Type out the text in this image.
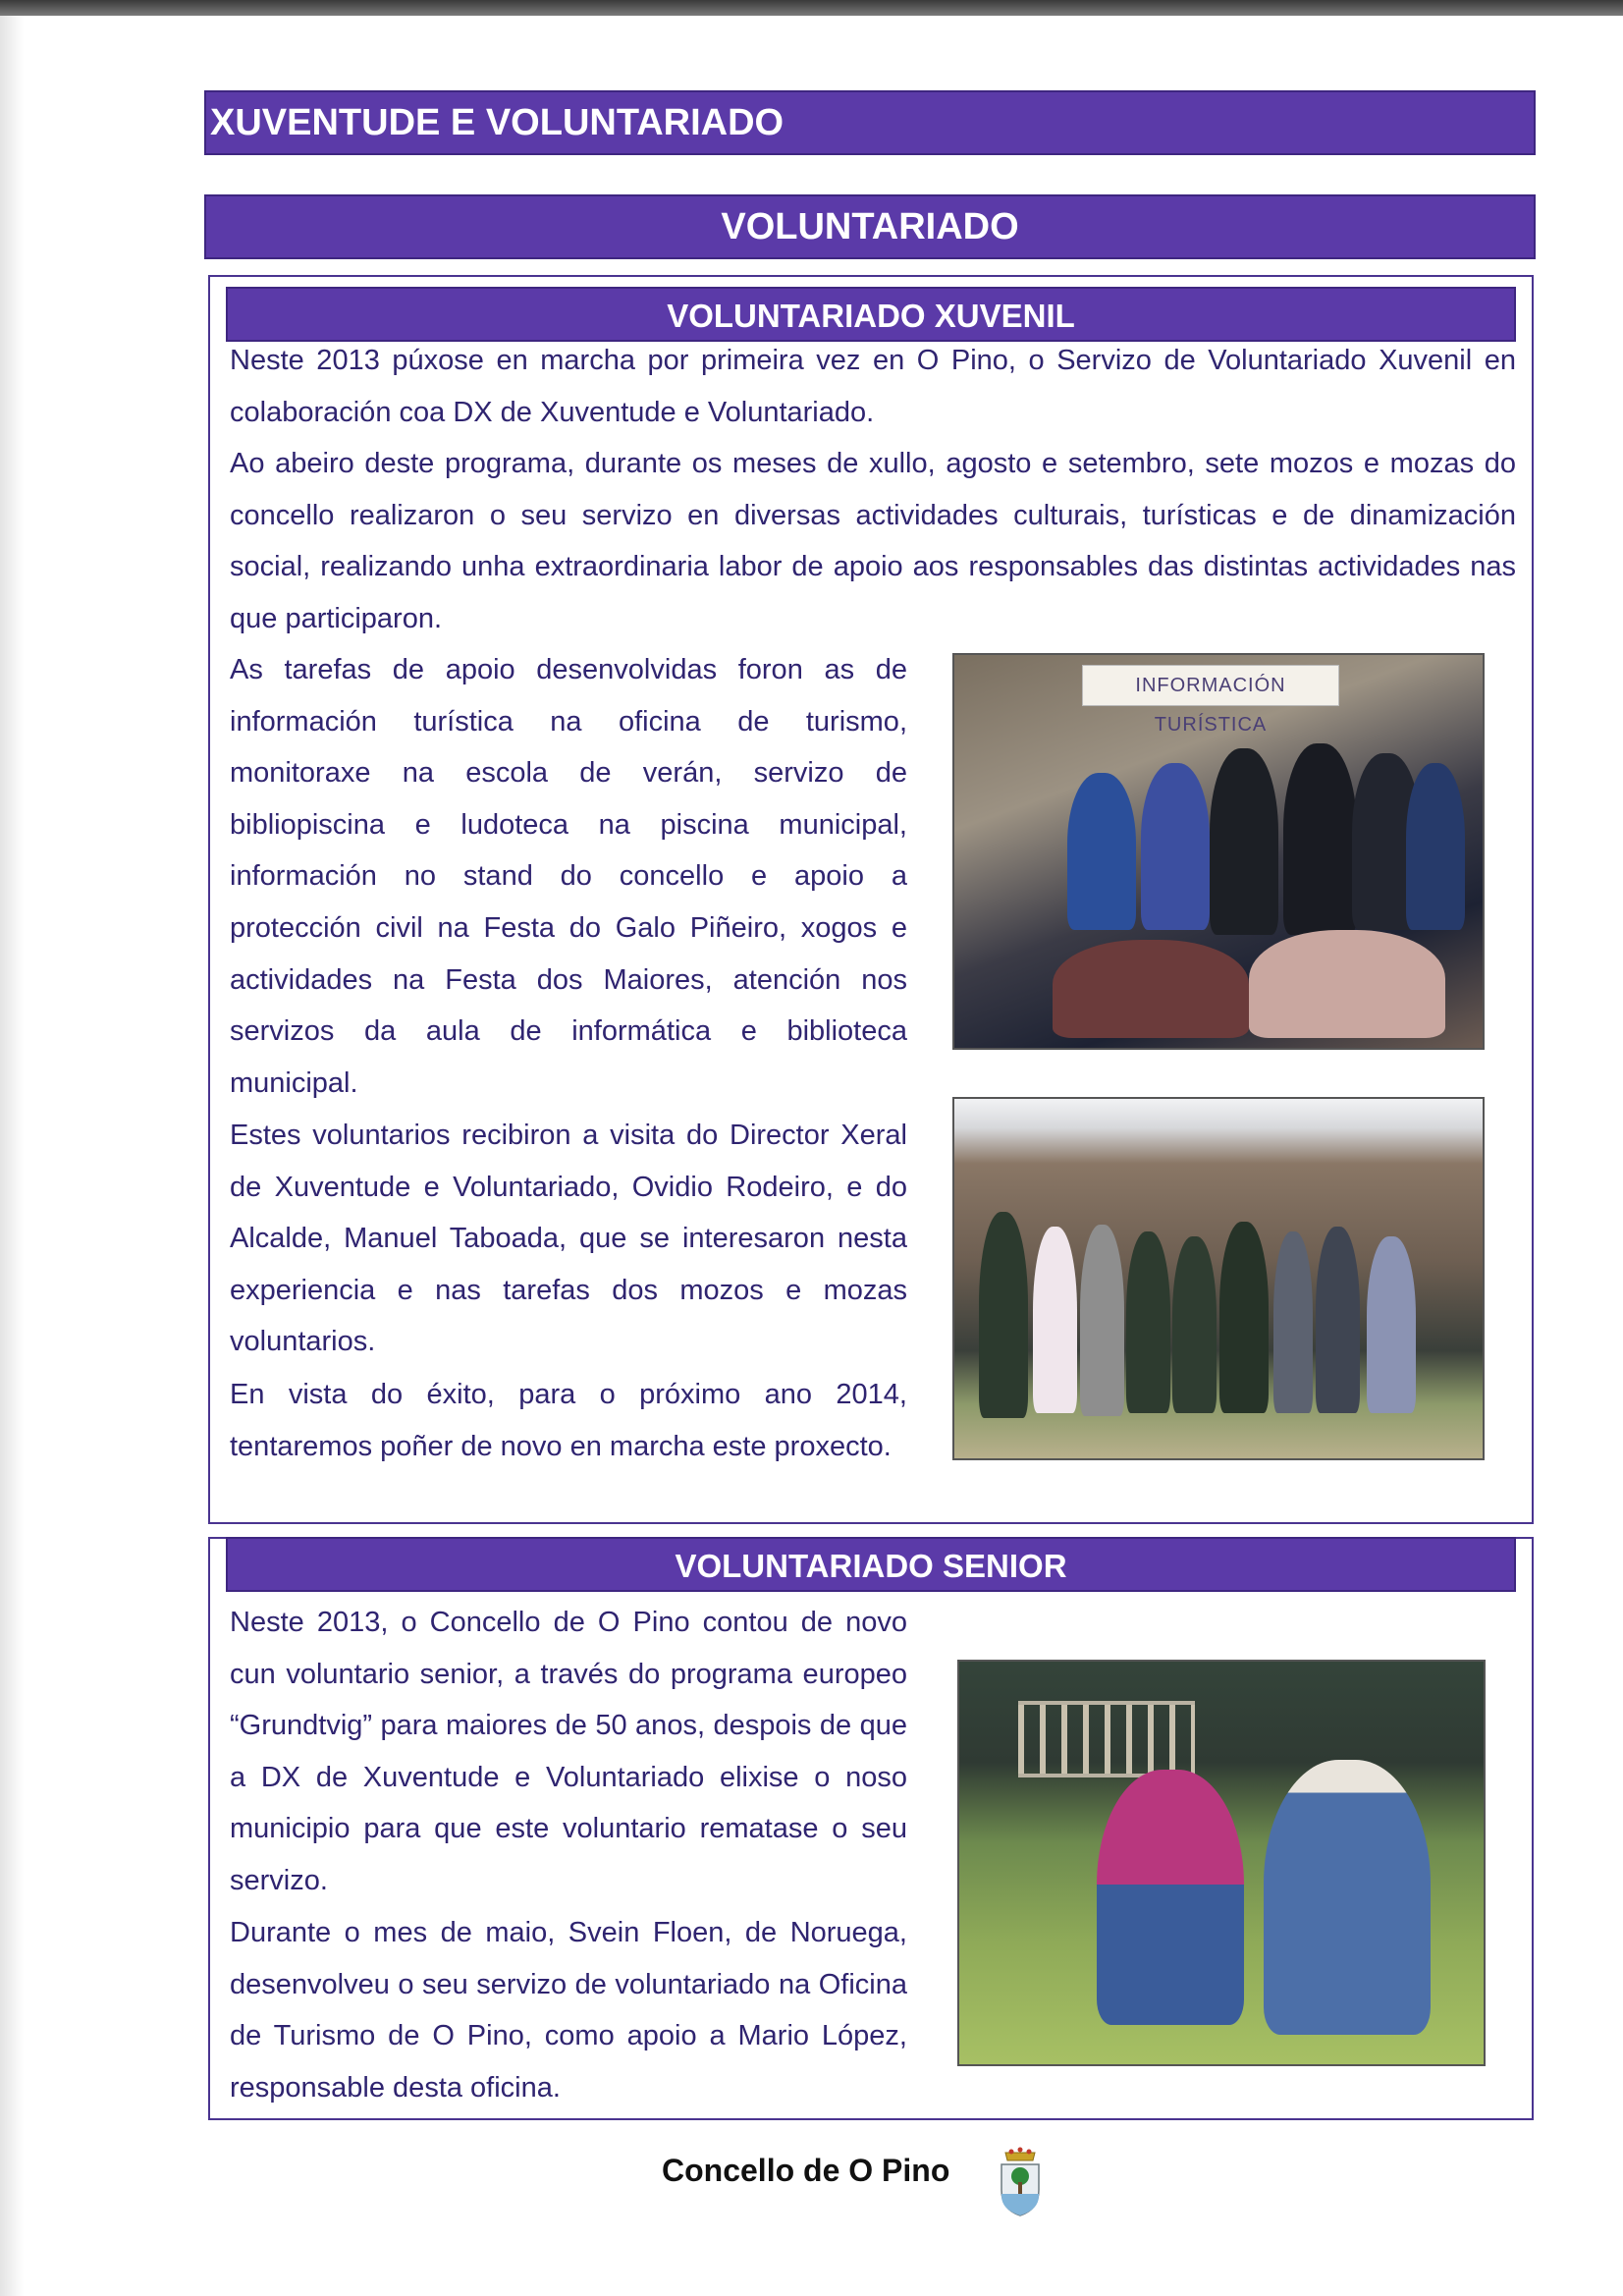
XUVENTUDE E VOLUNTARIADO
VOLUNTARIADO
VOLUNTARIADO XUVENIL

Neste 2013 púxose en marcha por primeira vez en O Pino, o Servizo de Voluntariado Xuvenil en colaboración coa DX de Xuventude e Voluntariado.

Ao abeiro deste programa, durante os meses de xullo, agosto e setembro, sete mozos e mozas do concello realizaron o seu servizo en diversas actividades culturais, turísticas e de dinamización social, realizando unha extraordinaria labor de apoio aos responsables das distintas actividades nas que participaron.

As tarefas de apoio desenvolvidas foron as de información turística na oficina de turismo, monitoraxe na escola de verán, servizo de bibliopiscina e ludoteca na piscina municipal, información no stand do concello e apoio a protección civil na Festa do Galo Piñeiro, xogos e actividades na Festa dos Maiores, atención nos servizos da aula de informática e biblioteca municipal.

Estes voluntarios recibiron a visita do Director Xeral de Xuventude e Voluntariado, Ovidio Rodeiro, e do Alcalde, Manuel Taboada, que se interesaron nesta experiencia e nas tarefas dos mozos e mozas voluntarios.

En vista do éxito, para o próximo ano 2014, tentaremos poñer de novo en marcha este proxecto.

INFORMACIÓN TURÍSTICA
VOLUNTARIADO SENIOR

Neste 2013, o Concello de O Pino contou de novo cun voluntario senior, a través do programa europeo “Grundtvig” para maiores de 50 anos, despois de que a DX de Xuventude e Voluntariado elixise o noso municipio para que este voluntario rematase o seu servizo.

Durante o mes de maio, Svein Floen, de Noruega, desenvolveu o seu servizo de voluntariado na Oficina de Turismo de O Pino, como apoio a Mario López, responsable desta oficina.

Concello de O Pino
